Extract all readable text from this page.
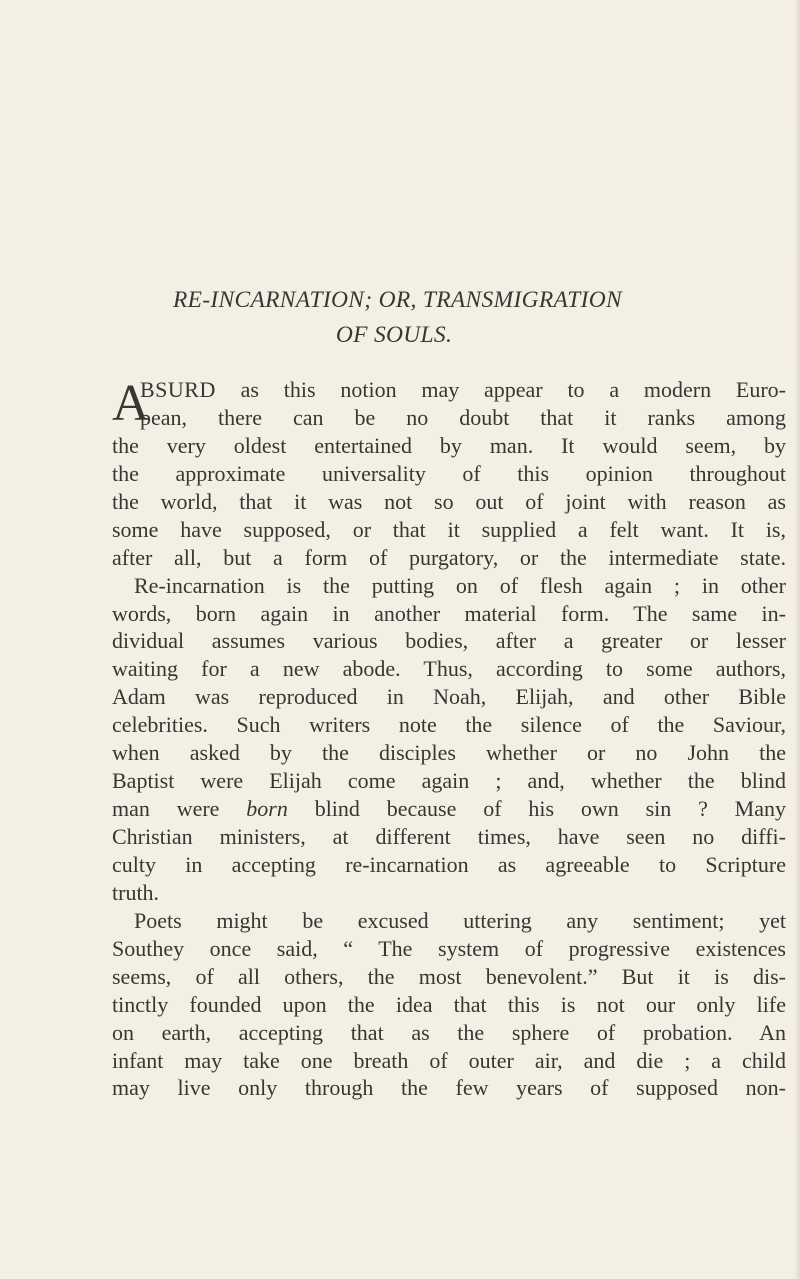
RE-INCARNATION; OR, TRANSMIGRATION
OF SOULS.
A
BSURD as this notion may appear to a modern Euro-
pean, there can be no doubt that it ranks among
the very oldest entertained by man. It would seem, by
the approximate universality of this opinion throughout
the world, that it was not so out of joint with reason as
some have supposed, or that it supplied a felt want. It is,
after all, but a form of purgatory, or the intermediate state.
Re-incarnation is the putting on of flesh again ; in other
words, born again in another material form. The same in-
dividual assumes various bodies, after a greater or lesser
waiting for a new abode. Thus, according to some authors,
Adam was reproduced in Noah, Elijah, and other Bible
celebrities. Such writers note the silence of the Saviour,
when asked by the disciples whether or no John the
Baptist were Elijah come again ; and, whether the blind
man were born blind because of his own sin ? Many
Christian ministers, at different times, have seen no diffi-
culty in accepting re-incarnation as agreeable to Scripture
truth.
Poets might be excused uttering any sentiment; yet
Southey once said, “ The system of progressive existences
seems, of all others, the most benevolent.” But it is dis-
tinctly founded upon the idea that this is not our only life
on earth, accepting that as the sphere of probation. An
infant may take one breath of outer air, and die ; a child
may live only through the few years of supposed non-
